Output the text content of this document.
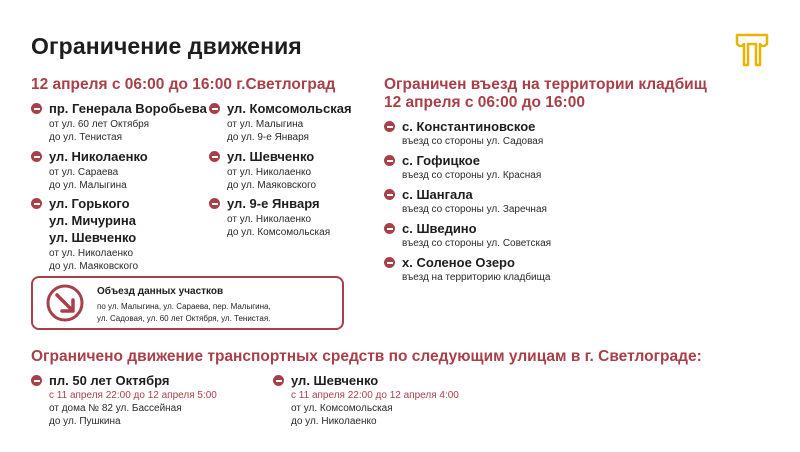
Ограничение движения
12 апреля с 06:00 до 16:00 г.Светлоград
пр. Генерала Воробьева
от ул. 60 лет Октября
до ул. Тенистая
ул. Николаенко
от ул. Сараева
до ул. Малыгина
ул. Горького
ул. Мичурина
ул. Шевченко
от ул. Николаенко
до ул. Маяковского
ул. Комсомольская
от ул. Малыгина
до ул. 9-е Января
ул. Шевченко
от ул. Николаенко
до ул. Маяковского
ул. 9-е Января
от ул. Николаенко
до ул. Комсомольская
Объезд данных участков
по ул. Малыгина, ул. Сараева, пер. Малыгина,
ул. Садовая, ул. 60 лет Октября, ул. Тенистая.
Ограничен въезд на территории кладбищ
12 апреля с 06:00 до 16:00
с. Константиновское
въезд со стороны ул. Садовая
с. Гофицкое
въезд со стороны ул. Красная
с. Шангала
въезд со стороны ул. Заречная
с. Шведино
въезд со стороны ул. Советская
х. Соленое Озеро
въезд на территорию кладбища
Ограничено движение транспортных средств по следующим улицам в г. Светлограде:
пл. 50 лет Октября
с 11 апреля 22:00 до 12 апреля 5:00
от дома № 82 ул. Бассейная
до ул. Пушкина
ул. Шевченко
с 11 апреля 22:00 до 12 апреля 4:00
от ул. Комсомольская
до ул. Николаенко
